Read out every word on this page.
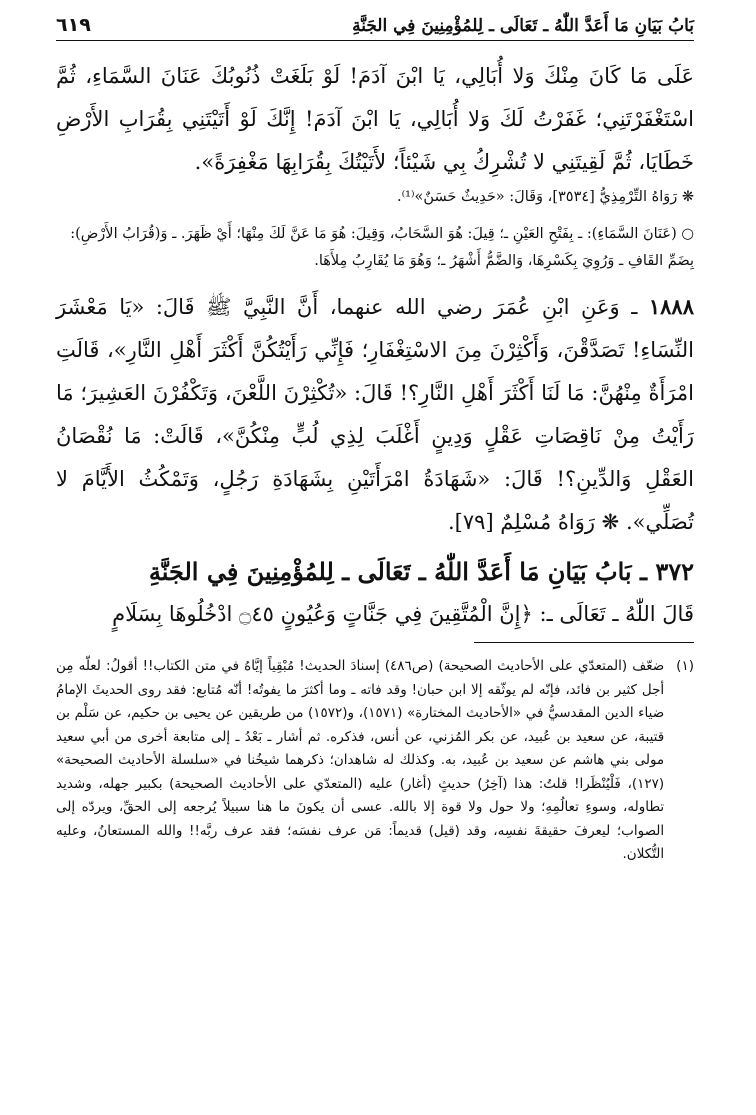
بَابُ بَيَانِ مَا أَعَدَّ اللّٰهُ ـ تَعَالَى ـ لِلمُؤْمِنِينَ فِي الجَنَّةِ
٦١٩

عَلَى مَا كَانَ مِنْكَ وَلا أُبَالِي، يَا ابْنَ آدَمَ! لَوْ بَلَغَتْ ذُنُوبُكَ عَنَانَ السَّمَاءِ، ثُمَّ اسْتَغْفَرْتَنِي؛ غَفَرْتُ لَكَ وَلا أُبَالِي، يَا ابْنَ آدَمَ! إِنَّكَ لَوْ أَتَيْتَنِي بِقُرَابِ الأَرْضِ خَطَايَا، ثُمَّ لَقِيتَنِي لا تُشْرِكُ بِي شَيْئاً؛ لأَتَيْتُكَ بِقُرَابِهَا مَغْفِرَةً».

❋ رَوَاهُ التِّرْمِذِيُّ [٣٥٣٤]، وَقَالَ: «حَدِيثٌ حَسَنٌ»⁽¹⁾.

○ (عَنَانَ السَّمَاءِ): ـ بِفَتْحِ العَيْنِ ـ؛ قِيلَ: هُوَ السَّحَابُ، وَقِيلَ: هُوَ مَا عَنَّ لَكَ مِنْهَا؛ أَيْ ظَهَرَ. ـ وَ(قُرَابُ الأَرْضِ): بِضَمِّ القَافِ ـ وَرُوِيَ بِكَسْرِهَا، وَالضَّمُّ أَشْهَرُ ـ؛ وَهُوَ مَا يُقَارِبُ مِلأَهَا.

١٨٨٨ ـ وَعَنِ ابْنِ عُمَرَ رضي الله عنهما، أَنَّ النَّبِيَّ ﷺ قَالَ: «يَا مَعْشَرَ النِّسَاءِ! تَصَدَّقْنَ، وَأَكْثِرْنَ مِنَ الاسْتِغْفَارِ؛ فَإِنِّي رَأَيْتُكُنَّ أَكْثَرَ أَهْلِ النَّارِ»، قَالَتِ امْرَأَةٌ مِنْهُنَّ: مَا لَنَا أَكْثَرَ أَهْلِ النَّارِ؟! قَالَ: «تُكْثِرْنَ اللَّعْنَ، وَتَكْفُرْنَ العَشِيرَ؛ مَا رَأَيْتُ مِنْ نَاقِصَاتِ عَقْلٍ وَدِينٍ أَغْلَبَ لِذِي لُبٍّ مِنْكُنَّ»، قَالَتْ: مَا نُقْصَانُ العَقْلِ وَالدِّينِ؟! قَالَ: «شَهَادَةُ امْرَأَتَيْنِ بِشَهَادَةِ رَجُلٍ، وَتَمْكُثُ الأَيَّامَ لا تُصَلِّي». ❋ رَوَاهُ مُسْلِمٌ [٧٩].

٣٧٢ ـ بَابُ بَيَانِ مَا أَعَدَّ اللّٰهُ ـ تَعَالَى ـ لِلمُؤْمِنِينَ فِي الجَنَّةِ

قَالَ اللّٰهُ ـ تَعَالَى ـ: ﴿إِنَّ الْمُتَّقِينَ فِي جَنَّاتٍ وَعُيُونٍ ۝٤٥ ادْخُلُوهَا بِسَلَامٍ

(١)

ضعّف (المتعدّي على الأحاديث الصحيحة) (ص٤٨٦) إسنادَ الحديث! مُبْقِياً إيَّاهُ في متن الكتاب!! أقولُ: لعلّه مِن أجل كثير بن فائد، فإنّه لم يوثّقه إلا ابن حبان! وقد فاته ـ وما أكثرَ ما يفوتُه! أنّه مُتابع: فقد روى الحديثَ الإمامُ ضياء الدين المقدسيُّ في «الأحاديث المختارة» (١٥٧١)، و(١٥٧٢) من طريقين عن يحيى بن حكيم، عن سَلْم بن قتيبة، عن سعيد بن عُبيد، عن بكر المُزني، عن أنس، فذكره. ثم أشار ـ بَعْدُ ـ إلى متابعة أخرى من أبي سعيد مولى بني هاشم عن سعيد بن عُبيد، به. وكذلك له شاهدان؛ ذكرهما شيخُنا في «سلسلة الأحاديث الصحيحة» (١٢٧)، فَلْيُنْظَرا! قلتُ: هذا (آخِرُ) حديثٍ (أغار) عليه (المتعدّي على الأحاديث الصحيحة) بكبير جهله، وشديد تطاوله، وسوءِ تعالُمِهِ؛ ولا حول ولا قوة إلا بالله. عسى أن يكونَ ما هنا سبيلاً يُرجعه إلى الحقِّ، ويردّه إلى الصواب؛ ليعرفَ حقيقةَ نفسِه، وقد (قيل) قديماً: مَن عرف نفسَه؛ فقد عرف ربَّه!! والله المستعانُ، وعليه التُّكلان.
